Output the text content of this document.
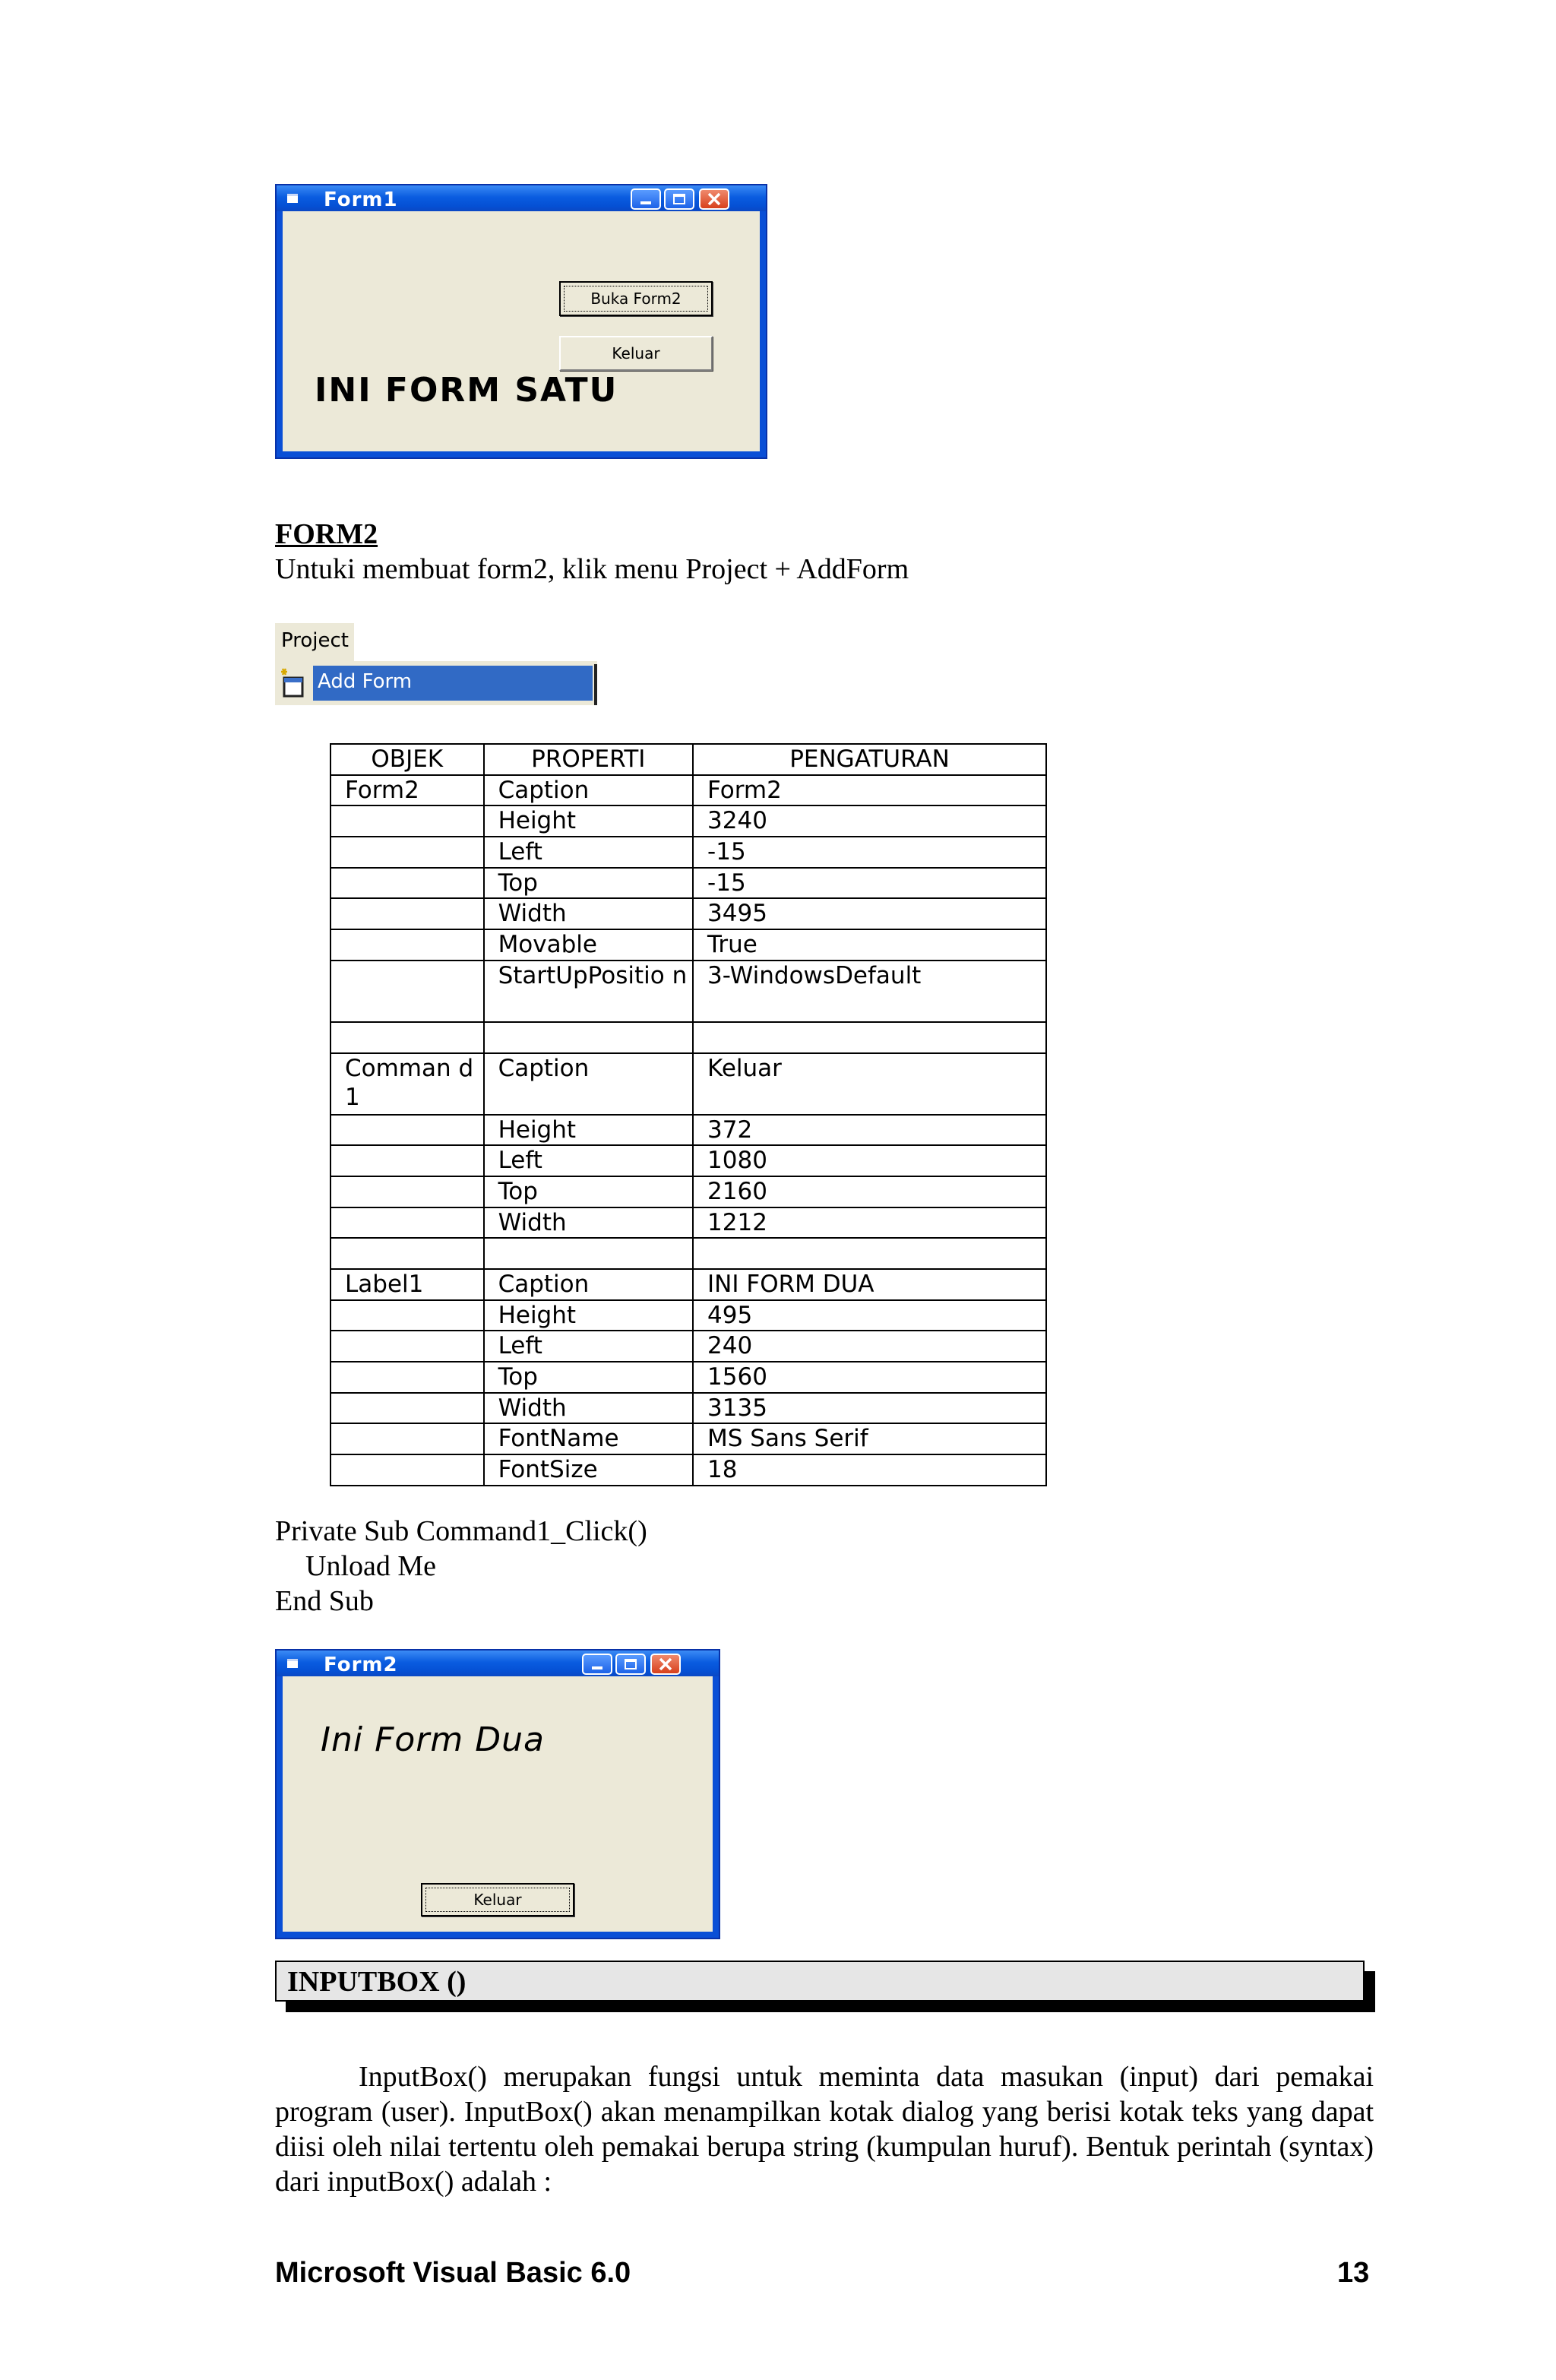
Form1
Buka Form2
Keluar
INI FORM SATU
FORM2
Untuki membuat form2, klik menu Project + AddForm
Project
Add Form
OBJEK	PROPERTI	PENGATURAN
Form2	Caption	Form2
	Height	3240
	Left	-15
	Top	-15
	Width	3495
	Movable	True
	StartUpPositio n	3-WindowsDefault

Comman d1	Caption	Keluar
	Height	372
	Left	1080
	Top	2160
	Width	1212

Label1	Caption	INI FORM DUA
	Height	495
	Left	240
	Top	1560
	Width	3135
	FontName	MS Sans Serif
	FontSize	18
Private Sub Command1_Click()
Unload Me
End Sub
Form2
Ini Form Dua
Keluar
INPUTBOX ()
InputBox() merupakan fungsi untuk meminta data masukan (input) dari pemakai program (user). InputBox() akan menampilkan kotak dialog yang berisi kotak teks yang dapat diisi oleh nilai tertentu oleh pemakai berupa string (kumpulan huruf). Bentuk perintah (syntax) dari inputBox() adalah :
Microsoft Visual Basic 6.0	13
